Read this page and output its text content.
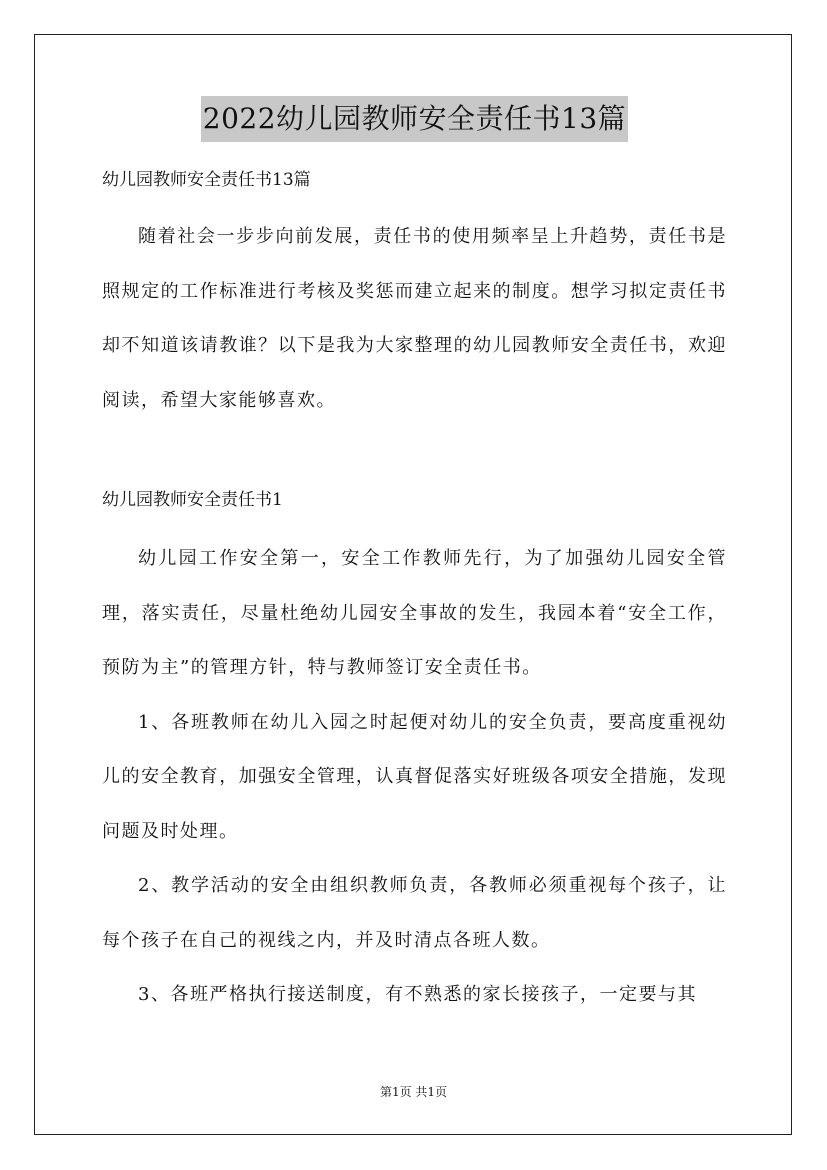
2022幼儿园教师安全责任书13篇

幼儿园教师安全责任书13篇

随着社会一步步向前发展，责任书的使用频率呈上升趋势，责任书是照规定的工作标准进行考核及奖惩而建立起来的制度。想学习拟定责任书却不知道该请教谁？以下是我为大家整理的幼儿园教师安全责任书，欢迎阅读，希望大家能够喜欢。

幼儿园教师安全责任书1

幼儿园工作安全第一，安全工作教师先行，为了加强幼儿园安全管理，落实责任，尽量杜绝幼儿园安全事故的发生，我园本着“安全工作，预防为主”的管理方针，特与教师签订安全责任书。

1、各班教师在幼儿入园之时起便对幼儿的安全负责，要高度重视幼儿的安全教育，加强安全管理，认真督促落实好班级各项安全措施，发现问题及时处理。

2、教学活动的安全由组织教师负责，各教师必须重视每个孩子，让每个孩子在自己的视线之内，并及时清点各班人数。

3、各班严格执行接送制度，有不熟悉的家长接孩子，一定要与其

第1页 共1页
